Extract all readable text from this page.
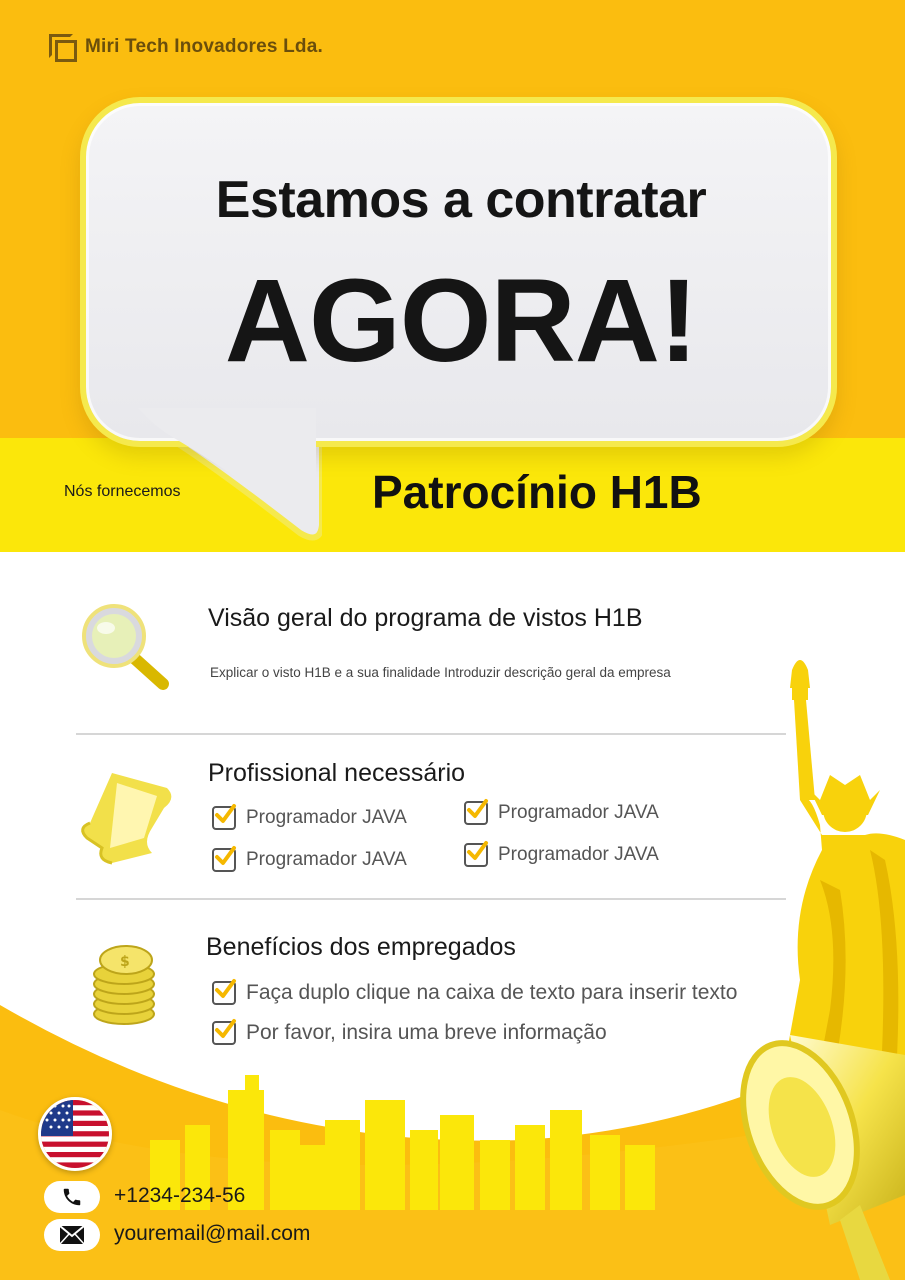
Miri Tech Inovadores Lda.
Estamos a contratar
AGORA!
Nós fornecemos	Patrocínio H1B
Visão geral do programa de vistos H1B
Explicar o visto H1B e a sua finalidade Introduzir descrição geral da empresa
Profissional necessário
Programador JAVA	Programador JAVA
Programador JAVA	Programador JAVA
$
Benefícios dos empregados
Faça duplo clique na caixa de texto para inserir texto
Por favor, insira uma breve informação
+1234-234-56
youremail@mail.com
